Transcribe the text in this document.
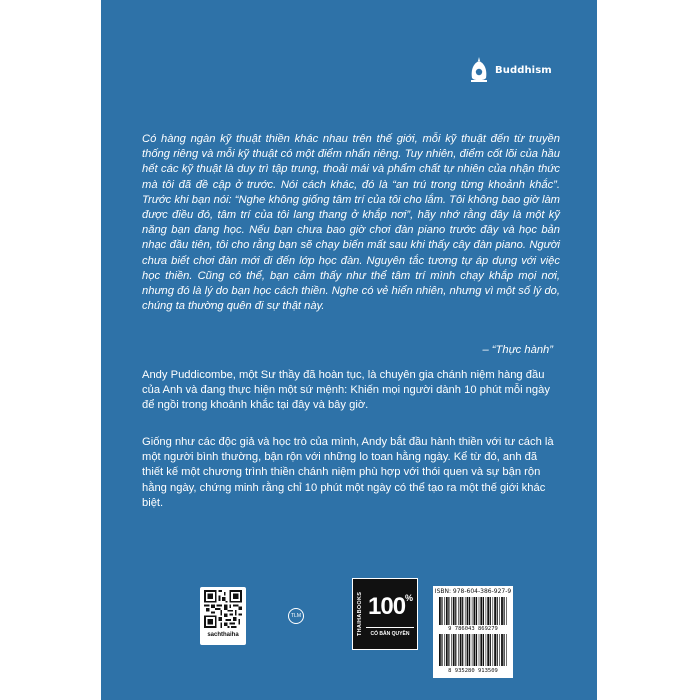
Buddhism

Có hàng ngàn kỹ thuật thiền khác nhau trên thế giới, mỗi kỹ thuật đến từ truyền thống riêng và mỗi kỹ thuật có một điểm nhấn riêng. Tuy nhiên, điểm cốt lõi của hầu hết các kỹ thuật là duy trì tập trung, thoải mái và phẩm chất tự nhiên của nhận thức mà tôi đã đề cập ở trước. Nói cách khác, đó là “an trú trong từng khoảnh khắc”. Trước khi bạn nói: “Nghe không giống tâm trí của tôi cho lắm. Tôi không bao giờ làm được điều đó, tâm trí của tôi lang thang ở khắp nơi”, hãy nhớ rằng đây là một kỹ năng bạn đang học. Nếu bạn chưa bao giờ chơi đàn piano trước đây và học bản nhạc đầu tiên, tôi cho rằng bạn sẽ chạy biến mất sau khi thấy cây đàn piano. Người chưa biết chơi đàn mới đi đến lớp học đàn. Nguyên tắc tương tự áp dụng với việc học thiền. Cũng có thể, bạn cảm thấy như thể tâm trí mình chạy khắp mọi nơi, nhưng đó là lý do bạn học cách thiền. Nghe có vẻ hiển nhiên, nhưng vì một số lý do, chúng ta thường quên đi sự thật này.

– “Thực hành”

Andy Puddicombe, một Sư thầy đã hoàn tục, là chuyên gia chánh niệm hàng đầu của Anh và đang thực hiện một sứ mệnh: Khiến mọi người dành 10 phút mỗi ngày để ngồi trong khoảnh khắc tại đây và bây giờ.

Giống như các độc giả và học trò của mình, Andy bắt đầu hành thiền với tư cách là một người bình thường, bận rộn với những lo toan hằng ngày. Kể từ đó, anh đã thiết kế một chương trình thiền chánh niệm phù hợp với thói quen và sự bận rộn hằng ngày, chứng minh rằng chỉ 10 phút một ngày có thể tạo ra một thế giới khác biệt.

sachthaiha
TLM	THAIHABOOKS 100 %
CÓ BẢN QUYỀN
ISBN: 978-604-386-927-9
9 786043 869279
8 935280 913509
